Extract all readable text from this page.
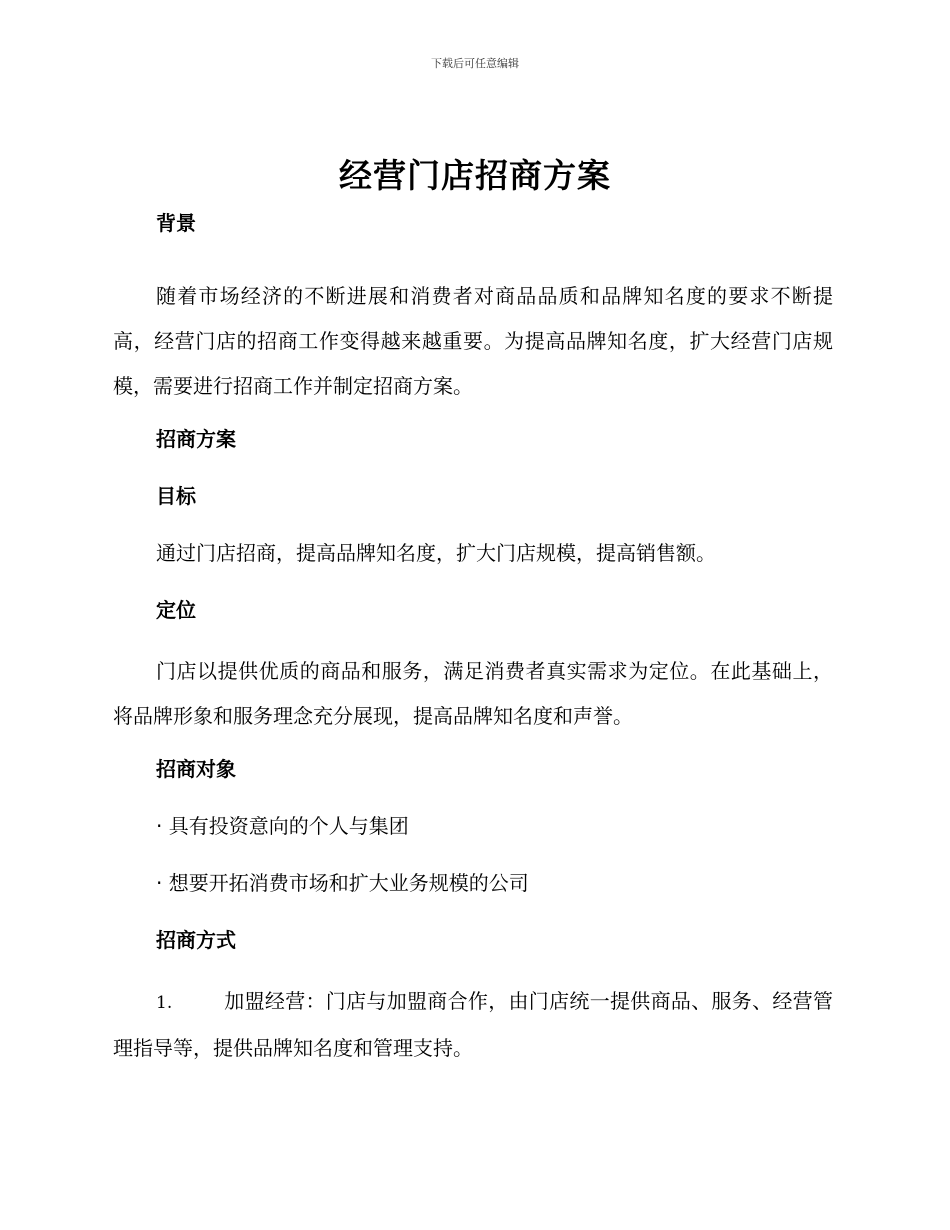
下载后可任意编辑
经营门店招商方案
背景

随着市场经济的不断进展和消费者对商品品质和品牌知名度的要求不断提高，经营门店的招商工作变得越来越重要。为提高品牌知名度，扩大经营门店规模，需要进行招商工作并制定招商方案。

招商方案
目标
通过门店招商，提高品牌知名度，扩大门店规模，提高销售额。
定位

门店以提供优质的商品和服务，满足消费者真实需求为定位。在此基础上，将品牌形象和服务理念充分展现，提高品牌知名度和声誉。

招商对象
· 具有投资意向的个人与集团
· 想要开拓消费市场和扩大业务规模的公司
招商方式

1.	加盟经营：门店与加盟商合作，由门店统一提供商品、服务、经营管理指导等，提供品牌知名度和管理支持。
